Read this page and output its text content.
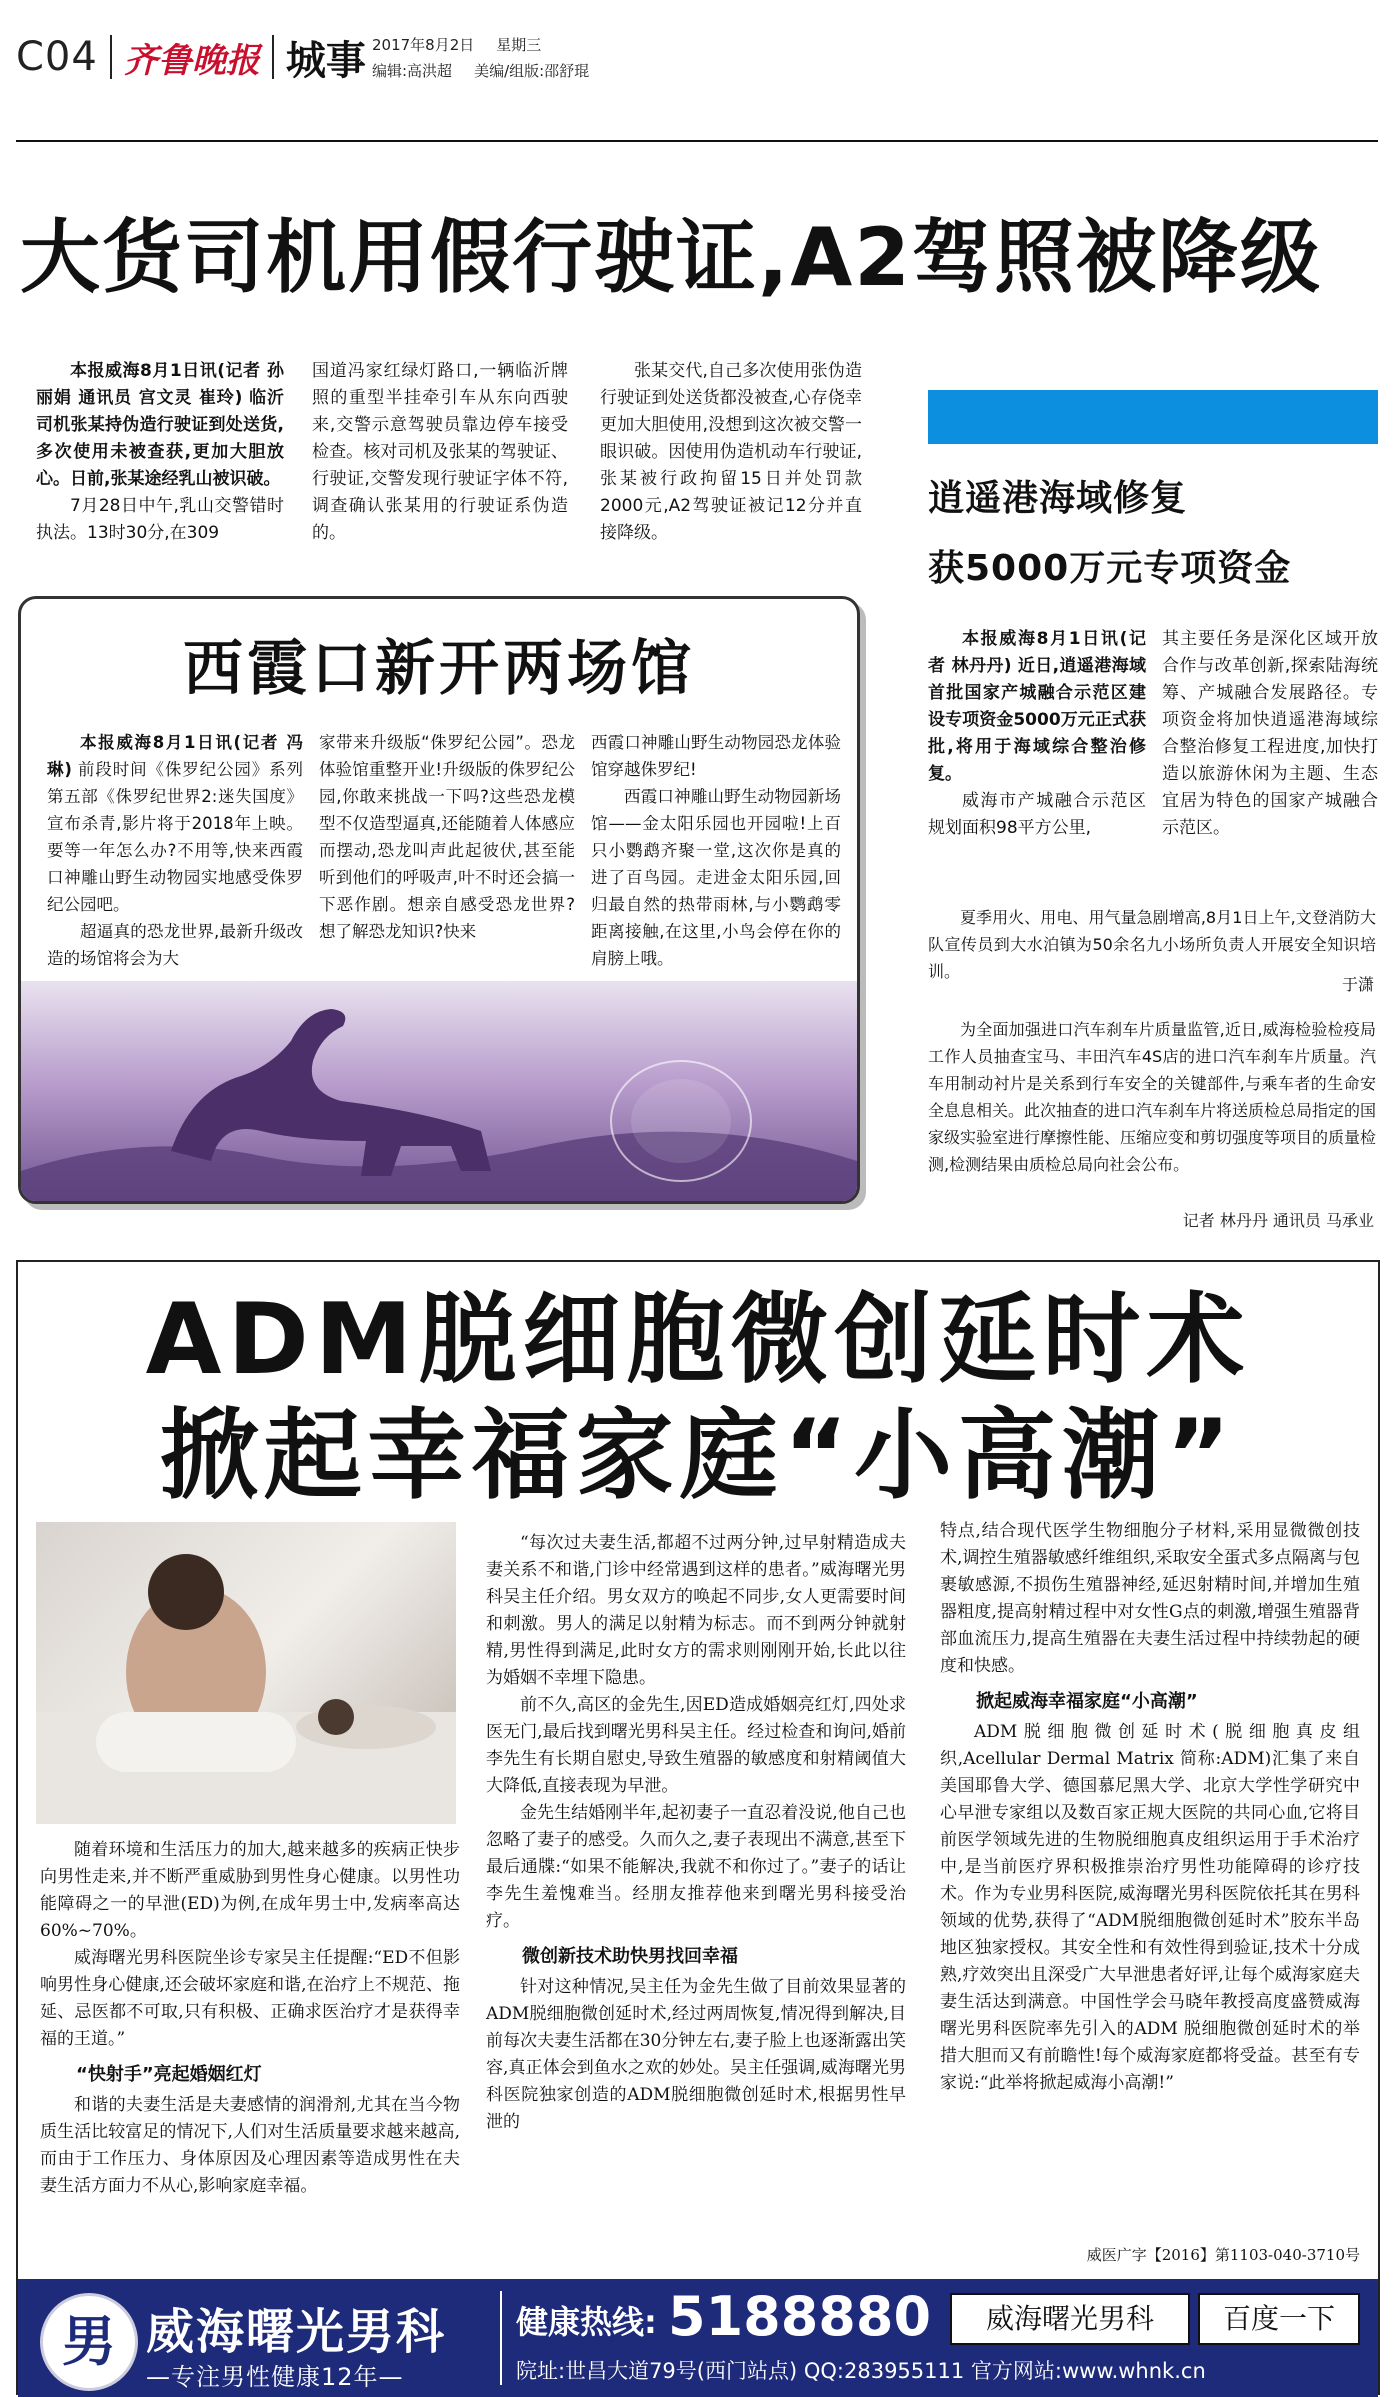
C04 齐鲁晚报 城事 2017年8月2日 星期三
编辑:高洪超 美编/组版:邵舒琨
大货司机用假行驶证,A2驾照被降级

本报威海8月1日讯(记者 孙丽娟 通讯员 宫文灵 崔玲) 临沂司机张某持伪造行驶证到处送货,多次使用未被查获,更加大胆放心。日前,张某途经乳山被识破。

7月28日中午,乳山交警错时执法。13时30分,在309

国道冯家红绿灯路口,一辆临沂牌照的重型半挂牵引车从东向西驶来,交警示意驾驶员靠边停车接受检查。核对司机及张某的驾驶证、行驶证,交警发现行驶证字体不符,调查确认张某用的行驶证系伪造的。

张某交代,自己多次使用张伪造行驶证到处送货都没被查,心存侥幸更加大胆使用,没想到这次被交警一眼识破。因使用伪造机动车行驶证,张某被行政拘留15日并处罚款2000元,A2驾驶证被记12分并直接降级。

西霞口新开两场馆

本报威海8月1日讯(记者 冯琳) 前段时间《侏罗纪公园》系列第五部《侏罗纪世界2:迷失国度》宣布杀青,影片将于2018年上映。要等一年怎么办?不用等,快来西霞口神雕山野生动物园实地感受侏罗纪公园吧。

超逼真的恐龙世界,最新升级改造的场馆将会为大

家带来升级版“侏罗纪公园”。恐龙体验馆重整开业!升级版的侏罗纪公园,你敢来挑战一下吗?这些恐龙模型不仅造型逼真,还能随着人体感应而摆动,恐龙叫声此起彼伏,甚至能听到他们的呼吸声,叶不时还会搞一下恶作剧。想亲自感受恐龙世界?想了解恐龙知识?快来

西霞口神雕山野生动物园恐龙体验馆穿越侏罗纪!

西霞口神雕山野生动物园新场馆——金太阳乐园也开园啦!上百只小鹦鹉齐聚一堂,这次你是真的进了百鸟园。走进金太阳乐园,回归最自然的热带雨林,与小鹦鹉零距离接触,在这里,小鸟会停在你的肩膀上哦。

逍遥港海域修复
获5000万元专项资金

本报威海8月1日讯(记者 林丹丹) 近日,逍遥港海域首批国家产城融合示范区建设专项资金5000万元正式获批,将用于海域综合整治修复。

威海市产城融合示范区规划面积98平方公里,

其主要任务是深化区域开放合作与改革创新,探索陆海统筹、产城融合发展路径。专项资金将加快逍遥港海域综合整治修复工程进度,加快打造以旅游休闲为主题、生态宜居为特色的国家产城融合示范区。

夏季用火、用电、用气量急剧增高,8月1日上午,文登消防大队宣传员到大水泊镇为50余名九小场所负责人开展安全知识培训。

于潇

为全面加强进口汽车刹车片质量监管,近日,威海检验检疫局工作人员抽查宝马、丰田汽车4S店的进口汽车刹车片质量。汽车用制动衬片是关系到行车安全的关键部件,与乘车者的生命安全息息相关。此次抽查的进口汽车刹车片将送质检总局指定的国家级实验室进行摩擦性能、压缩应变和剪切强度等项目的质量检测,检测结果由质检总局向社会公布。

记者 林丹丹 通讯员 马承业
ADM脱细胞微创延时术
掀起幸福家庭“小高潮”

随着环境和生活压力的加大,越来越多的疾病正快步向男性走来,并不断严重威胁到男性身心健康。以男性功能障碍之一的早泄(ED)为例,在成年男士中,发病率高达60%~70%。

威海曙光男科医院坐诊专家吴主任提醒:“ED不但影响男性身心健康,还会破坏家庭和谐,在治疗上不规范、拖延、忌医都不可取,只有积极、正确求医治疗才是获得幸福的王道。”

“快射手”亮起婚姻红灯

和谐的夫妻生活是夫妻感情的润滑剂,尤其在当今物质生活比较富足的情况下,人们对生活质量要求越来越高,而由于工作压力、身体原因及心理因素等造成男性在夫妻生活方面力不从心,影响家庭幸福。

“每次过夫妻生活,都超不过两分钟,过早射精造成夫妻关系不和谐,门诊中经常遇到这样的患者。”威海曙光男科吴主任介绍。男女双方的唤起不同步,女人更需要时间和刺激。男人的满足以射精为标志。而不到两分钟就射精,男性得到满足,此时女方的需求则刚刚开始,长此以往为婚姻不幸埋下隐患。

前不久,高区的金先生,因ED造成婚姻亮红灯,四处求医无门,最后找到曙光男科吴主任。经过检查和询问,婚前李先生有长期自慰史,导致生殖器的敏感度和射精阈值大大降低,直接表现为早泄。

金先生结婚刚半年,起初妻子一直忍着没说,他自己也忽略了妻子的感受。久而久之,妻子表现出不满意,甚至下最后通牒:“如果不能解决,我就不和你过了。”妻子的话让李先生羞愧难当。经朋友推荐他来到曙光男科接受治疗。

微创新技术助快男找回幸福

针对这种情况,吴主任为金先生做了目前效果显著的ADM脱细胞微创延时术,经过两周恢复,情况得到解决,目前每次夫妻生活都在30分钟左右,妻子脸上也逐渐露出笑容,真正体会到鱼水之欢的妙处。吴主任强调,威海曙光男科医院独家创造的ADM脱细胞微创延时术,根据男性早泄的

特点,结合现代医学生物细胞分子材料,采用显微微创技术,调控生殖器敏感纤维组织,采取安全蛋式多点隔离与包裹敏感源,不损伤生殖器神经,延迟射精时间,并增加生殖器粗度,提高射精过程中对女性G点的刺激,增强生殖器背部血流压力,提高生殖器在夫妻生活过程中持续勃起的硬度和快感。

掀起威海幸福家庭“小高潮”

ADM脱细胞微创延时术(脱细胞真皮组织,Acellular Dermal Matrix 简称:ADM)汇集了来自美国耶鲁大学、德国慕尼黑大学、北京大学性学研究中心早泄专家组以及数百家正规大医院的共同心血,它将目前医学领域先进的生物脱细胞真皮组织运用于手术治疗中,是当前医疗界积极推崇治疗男性功能障碍的诊疗技术。作为专业男科医院,威海曙光男科医院依托其在男科领域的优势,获得了“ADM脱细胞微创延时术”胶东半岛地区独家授权。其安全性和有效性得到验证,技术十分成熟,疗效突出且深受广大早泄患者好评,让每个威海家庭夫妻生活达到满意。中国性学会马晓年教授高度盛赞威海曙光男科医院率先引入的ADM 脱细胞微创延时术的举措大胆而又有前瞻性!每个威海家庭都将受益。甚至有专家说:“此举将掀起威海小高潮!”

威医广字【2016】第1103-040-3710号
男 威海曙光男科
—专注男性健康12年—
健康热线: 5188880	威海曙光男科	百度一下
院址:世昌大道79号(西门站点) QQ:283955111 官方网站:www.whnk.cn
